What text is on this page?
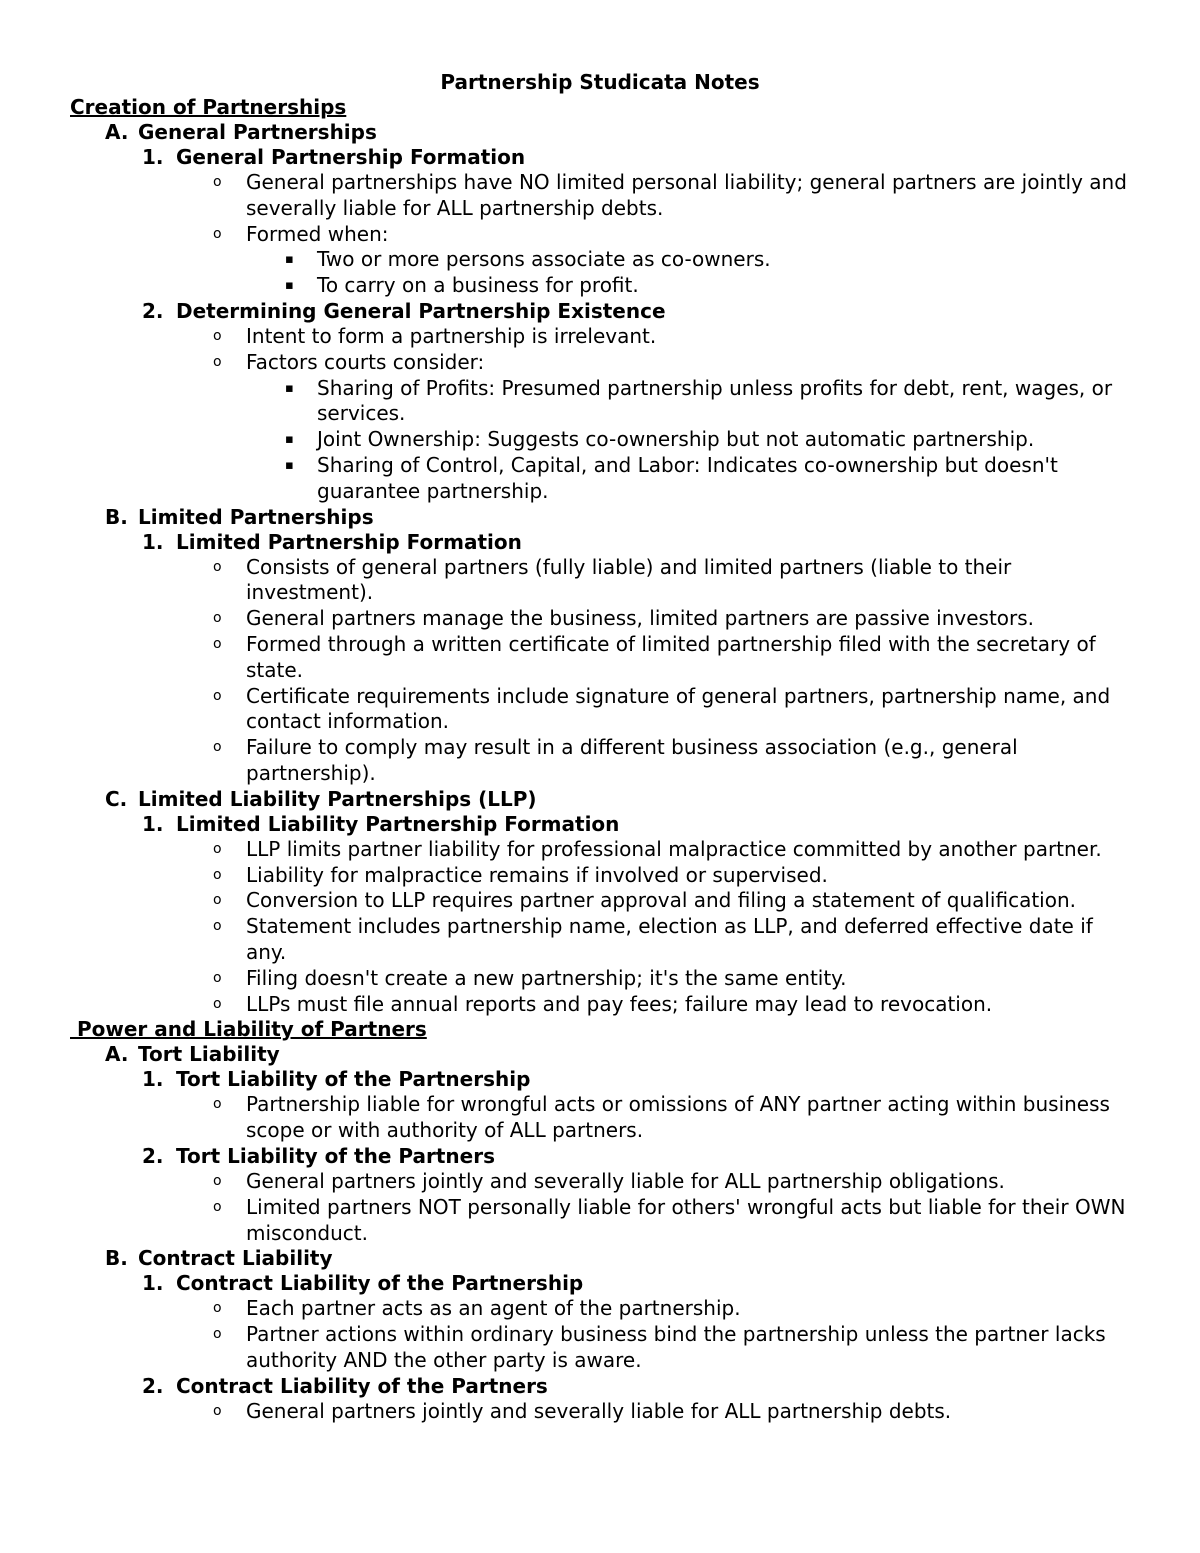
Partnership Studicata Notes
Creation of Partnerships
A. General Partnerships
1. General Partnership Formation
o General partnerships have NO limited personal liability; general partners are jointly and severally liable for ALL partnership debts.
o Formed when:
▪ Two or more persons associate as co-owners.
▪ To carry on a business for profit.
2. Determining General Partnership Existence
o Intent to form a partnership is irrelevant.
o Factors courts consider:
▪ Sharing of Profits: Presumed partnership unless profits for debt, rent, wages, or services.
▪ Joint Ownership: Suggests co-ownership but not automatic partnership.
▪ Sharing of Control, Capital, and Labor: Indicates co-ownership but doesn't guarantee partnership.
B. Limited Partnerships
1. Limited Partnership Formation
o Consists of general partners (fully liable) and limited partners (liable to their investment).
o General partners manage the business, limited partners are passive investors.
o Formed through a written certificate of limited partnership filed with the secretary of state.
o Certificate requirements include signature of general partners, partnership name, and contact information.
o Failure to comply may result in a different business association (e.g., general partnership).
C. Limited Liability Partnerships (LLP)
1. Limited Liability Partnership Formation
o LLP limits partner liability for professional malpractice committed by another partner.
o Liability for malpractice remains if involved or supervised.
o Conversion to LLP requires partner approval and filing a statement of qualification.
o Statement includes partnership name, election as LLP, and deferred effective date if any.
o Filing doesn't create a new partnership; it's the same entity.
o LLPs must file annual reports and pay fees; failure may lead to revocation.
Power and Liability of Partners
A. Tort Liability
1. Tort Liability of the Partnership
o Partnership liable for wrongful acts or omissions of ANY partner acting within business scope or with authority of ALL partners.
2. Tort Liability of the Partners
o General partners jointly and severally liable for ALL partnership obligations.
o Limited partners NOT personally liable for others' wrongful acts but liable for their OWN misconduct.
B. Contract Liability
1. Contract Liability of the Partnership
o Each partner acts as an agent of the partnership.
o Partner actions within ordinary business bind the partnership unless the partner lacks authority AND the other party is aware.
2. Contract Liability of the Partners
o General partners jointly and severally liable for ALL partnership debts.
